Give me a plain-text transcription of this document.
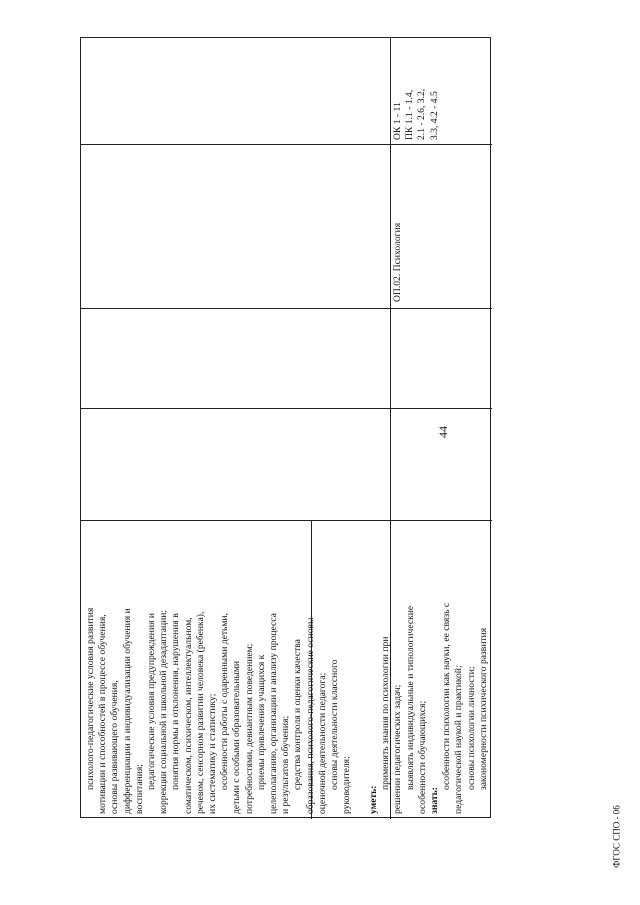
44
ОК 1 - 11 ПК 1.1 - 1.4, 2.1 - 2.6, 3.2, 3.3, 4.2 - 4.5
ОП.02. Психология
психолого-педагогические условия развития мотивации и способностей в процессе обучения, основы развивающего обучения, дифференциации и индивидуализации обучения и воспитания; педагогические условия предупреждения и коррекции социальной и школьной дезадаптации; понятия нормы и отклонения, нарушения в соматическом, психическом, интеллектуальном, речевом, сенсорном развитии человека (ребенка), их систематику и статистику; особенности работы с одаренными детьми, детьми с особыми образовательными потребностями, девиантным поведением; приемы привлечения учащихся к целеполаганию, организации и анализу процесса и результатов обучения; средства контроля и оценки качества образования, психолого-педагогические основы оценочной деятельности педагога; основы деятельности классного руководителя; уметь:
применять знания по психологии при решении педагогических задач; выявлять индивидуальные и типологические особенности обучающихся; знать:
особенности психологии как науки, ее связь с педагогической наукой и практикой; основы психологии личности; закономерности психического развития
ФГОС СПО - 06
